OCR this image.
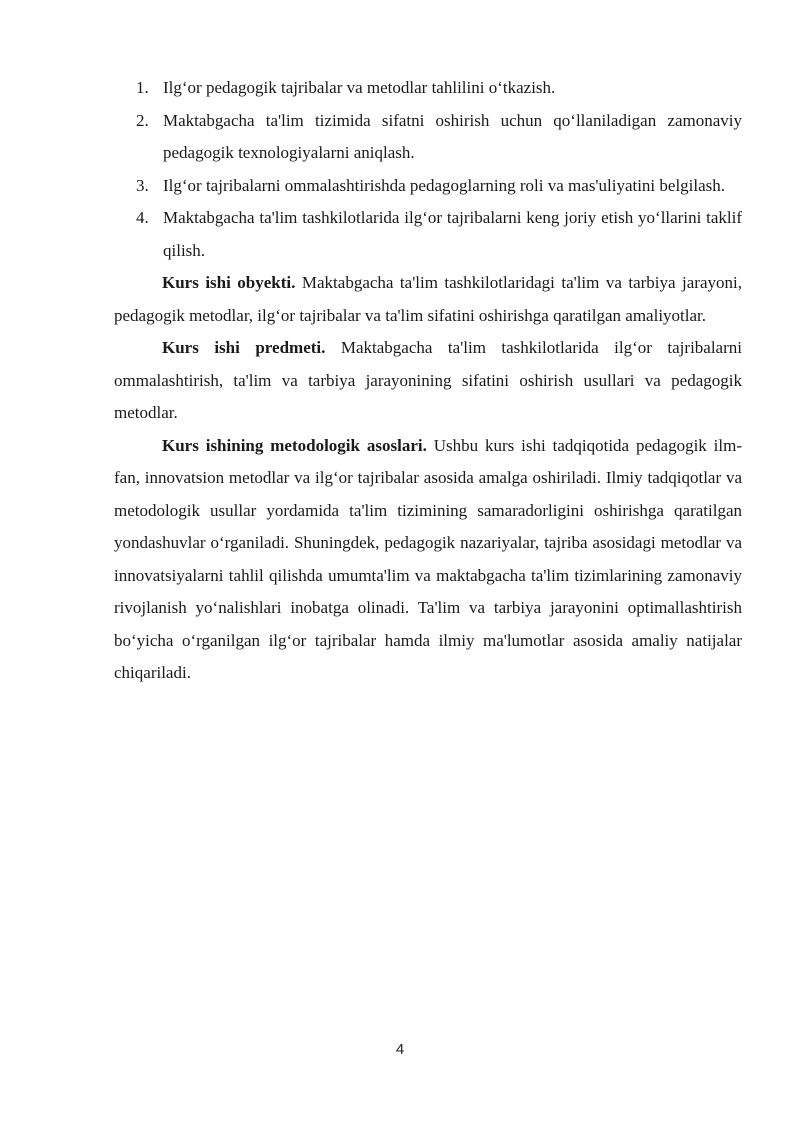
1. Ilg‘or pedagogik tajribalar va metodlar tahlilini o‘tkazish.
2. Maktabgacha ta'lim tizimida sifatni oshirish uchun qo‘llaniladigan zamonaviy pedagogik texnologiyalarni aniqlash.
3. Ilg‘or tajribalarni ommalashtirishda pedagoglarning roli va mas'uliyatini belgilash.
4. Maktabgacha ta'lim tashkilotlarida ilg‘or tajribalarni keng joriy etish yo‘llarini taklif qilish.

Kurs ishi obyekti. Maktabgacha ta'lim tashkilotlaridagi ta'lim va tarbiya jarayoni, pedagogik metodlar, ilg‘or tajribalar va ta'lim sifatini oshirishga qaratilgan amaliyotlar.

Kurs ishi predmeti. Maktabgacha ta'lim tashkilotlarida ilg‘or tajribalarni ommalashtirish, ta'lim va tarbiya jarayonining sifatini oshirish usullari va pedagogik metodlar.

Kurs ishining metodologik asoslari. Ushbu kurs ishi tadqiqotida pedagogik ilm-fan, innovatsion metodlar va ilg‘or tajribalar asosida amalga oshiriladi. Ilmiy tadqiqotlar va metodologik usullar yordamida ta'lim tizimining samaradorligini oshirishga qaratilgan yondashuvlar o‘rganiladi. Shuningdek, pedagogik nazariyalar, tajriba asosidagi metodlar va innovatsiyalarni tahlil qilishda umumta'lim va maktabgacha ta'lim tizimlarining zamonaviy rivojlanish yo‘nalishlari inobatga olinadi. Ta'lim va tarbiya jarayonini optimallashtirish bo‘yicha o‘rganilgan ilg‘or tajribalar hamda ilmiy ma'lumotlar asosida amaliy natijalar chiqariladi.

4
